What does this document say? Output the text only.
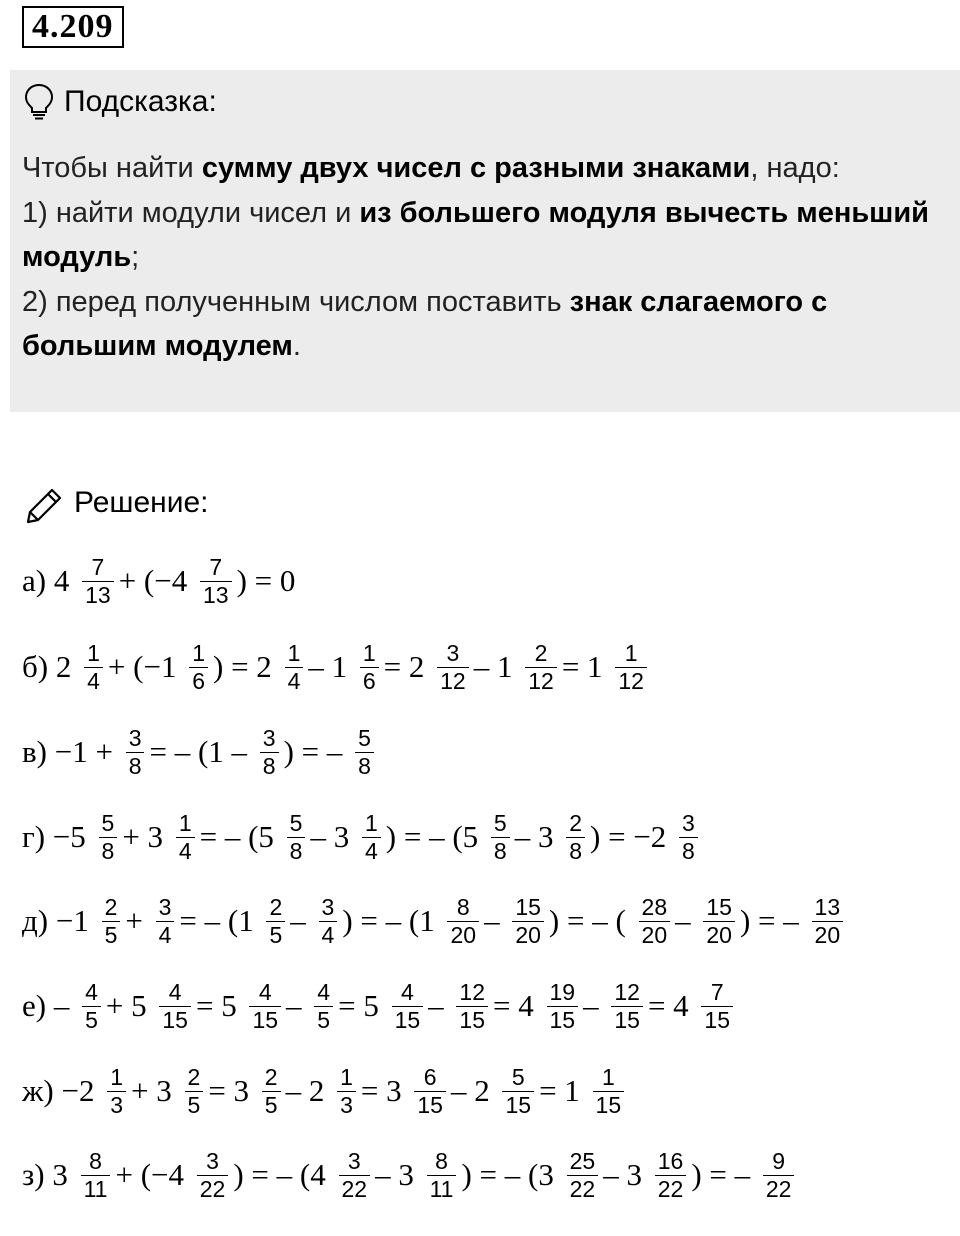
4.209
Подсказка:
Чтобы найти сумму двух чисел с разными знаками, надо:
1) найти модули чисел и из большего модуля вычесть меньший модуль;
2) перед полученным числом поставить знак слагаемого с большим модулем.
Решение:
а) $4 \frac{7}{13} + (-4 \frac{7}{13}$ ) = 0
б) $2 \frac{1}{4} + (-1 \frac{1}{6}$ ) = $2 \frac{1}{4} - 1 \frac{1}{6} = 2 \frac{3}{12} - 1 \frac{2}{12} = 1 \frac{1}{12}$
$в) -1 + \frac{3}{8}$ = – ($1 - \frac{3}{8}$ ) = – $\frac{5}{8}$
$г) -5 \frac{5}{8} + 3 \frac{1}{4}$ = – ($5 \frac{5}{8} - 3 \frac{1}{4}$ ) = – ($5 \frac{5}{8} - 3 \frac{2}{8}$ ) = $-2 \frac{3}{8}$
$д) -1 \frac{2}{5} + \frac{3}{4}$ = – ($1 \frac{2}{5} - \frac{3}{4}$ ) = – ($1 \frac{8}{20} - \frac{15}{20}$ ) = – ( $\frac{28}{20} - \frac{15}{20}$ ) = – $\frac{13}{20}$
$е) - \frac{4}{5} + 5 \frac{4}{15} = 5 \frac{4}{15} - \frac{4}{5} = 5 \frac{4}{15} - \frac{12}{15} = 4 \frac{19}{15} - \frac{12}{15} = 4 \frac{7}{15}$
$ж) -2 \frac{1}{3} + 3 \frac{2}{5} = 3 \frac{2}{5} - 2 \frac{1}{3} = 3 \frac{6}{15} - 2 \frac{5}{15} = 1 \frac{1}{15}$
з) $3 \frac{8}{11} + (-4 \frac{3}{22}$ ) = – ($4 \frac{3}{22} - 3 \frac{8}{11}$ ) = – ($3 \frac{25}{22} - 3 \frac{16}{22}$ ) = – $\frac{9}{22}$
